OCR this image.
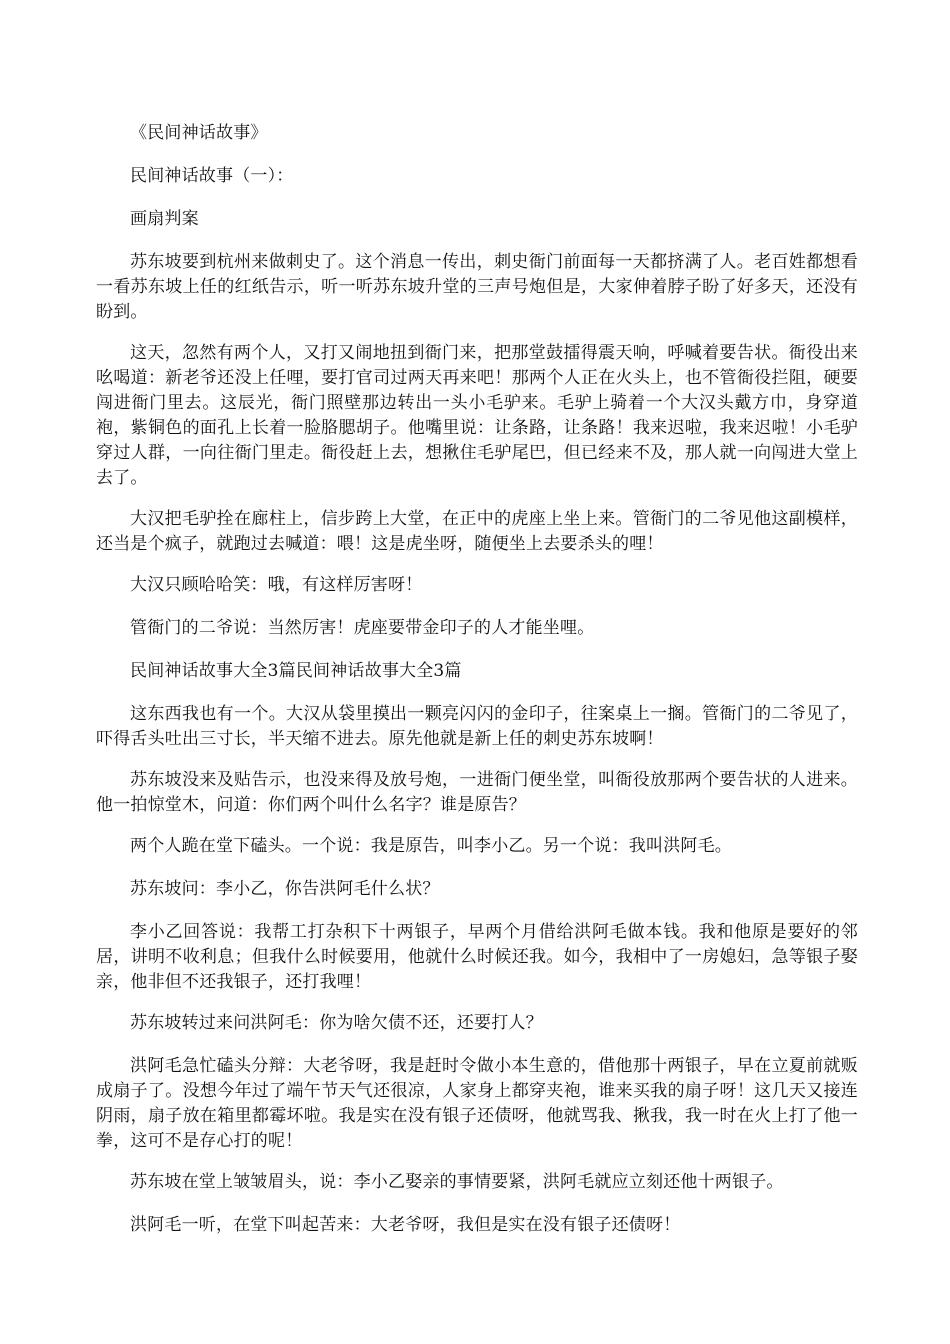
《民间神话故事》

民间神话故事（一）：

画扇判案

苏东坡要到杭州来做刺史了。这个消息一传出，刺史衙门前面每一天都挤满了人。老百姓都想看一看苏东坡上任的红纸告示，听一听苏东坡升堂的三声号炮但是，大家伸着脖子盼了好多天，还没有盼到。

这天，忽然有两个人，又打又闹地扭到衙门来，把那堂鼓擂得震天响，呼喊着要告状。衙役出来吆喝道：新老爷还没上任哩，要打官司过两天再来吧！那两个人正在火头上，也不管衙役拦阻，硬要闯进衙门里去。这辰光，衙门照壁那边转出一头小毛驴来。毛驴上骑着一个大汉头戴方巾，身穿道袍，紫铜色的面孔上长着一脸胳腮胡子。他嘴里说：让条路，让条路！我来迟啦，我来迟啦！小毛驴穿过人群，一向往衙门里走。衙役赶上去，想揪住毛驴尾巴，但已经来不及，那人就一向闯进大堂上去了。

大汉把毛驴拴在廊柱上，信步跨上大堂，在正中的虎座上坐上来。管衙门的二爷见他这副模样，还当是个疯子，就跑过去喊道：喂！这是虎坐呀，随便坐上去要杀头的哩！

大汉只顾哈哈笑：哦，有这样厉害呀！

管衙门的二爷说：当然厉害！虎座要带金印子的人才能坐哩。

民间神话故事大全3篇民间神话故事大全3篇

这东西我也有一个。大汉从袋里摸出一颗亮闪闪的金印子，往案桌上一搁。管衙门的二爷见了，吓得舌头吐出三寸长，半天缩不进去。原先他就是新上任的刺史苏东坡啊！

苏东坡没来及贴告示，也没来得及放号炮，一进衙门便坐堂，叫衙役放那两个要告状的人进来。他一拍惊堂木，问道：你们两个叫什么名字？谁是原告？

两个人跪在堂下磕头。一个说：我是原告，叫李小乙。另一个说：我叫洪阿毛。

苏东坡问：李小乙，你告洪阿毛什么状？

李小乙回答说：我帮工打杂积下十两银子，早两个月借给洪阿毛做本钱。我和他原是要好的邻居，讲明不收利息；但我什么时候要用，他就什么时候还我。如今，我相中了一房媳妇，急等银子娶亲，他非但不还我银子，还打我哩！

苏东坡转过来问洪阿毛：你为啥欠债不还，还要打人？

洪阿毛急忙磕头分辩：大老爷呀，我是赶时令做小本生意的，借他那十两银子，早在立夏前就贩成扇子了。没想今年过了端午节天气还很凉，人家身上都穿夹袍，谁来买我的扇子呀！这几天又接连阴雨，扇子放在箱里都霉坏啦。我是实在没有银子还债呀，他就骂我、揪我，我一时在火上打了他一拳，这可不是存心打的呢！

苏东坡在堂上皱皱眉头，说：李小乙娶亲的事情要紧，洪阿毛就应立刻还他十两银子。

洪阿毛一听，在堂下叫起苦来：大老爷呀，我但是实在没有银子还债呀！
